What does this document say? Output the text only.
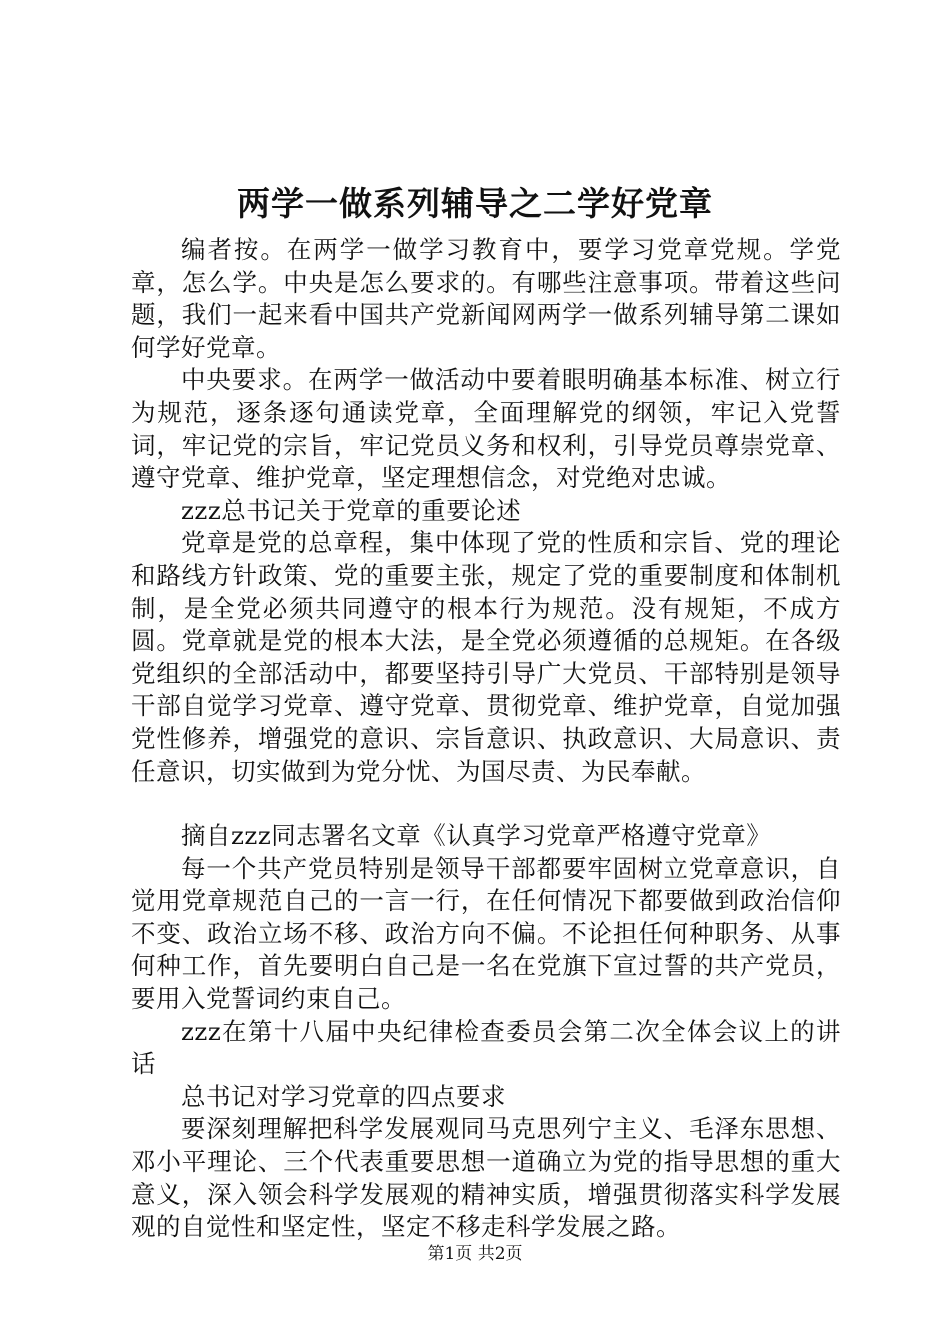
两学一做系列辅导之二学好党章

编者按。在两学一做学习教育中，要学习党章党规。学党章，怎么学。中央是怎么要求的。有哪些注意事项。带着这些问题，我们一起来看中国共产党新闻网两学一做系列辅导第二课如何学好党章。

中央要求。在两学一做活动中要着眼明确基本标准、树立行为规范，逐条逐句通读党章，全面理解党的纲领，牢记入党誓词，牢记党的宗旨，牢记党员义务和权利，引导党员尊崇党章、遵守党章、维护党章，坚定理想信念，对党绝对忠诚。

zzz总书记关于党章的重要论述

党章是党的总章程，集中体现了党的性质和宗旨、党的理论和路线方针政策、党的重要主张，规定了党的重要制度和体制机制，是全党必须共同遵守的根本行为规范。没有规矩，不成方圆。党章就是党的根本大法，是全党必须遵循的总规矩。在各级党组织的全部活动中，都要坚持引导广大党员、干部特别是领导干部自觉学习党章、遵守党章、贯彻党章、维护党章，自觉加强党性修养，增强党的意识、宗旨意识、执政意识、大局意识、责任意识，切实做到为党分忧、为国尽责、为民奉献。

摘自zzz同志署名文章《认真学习党章严格遵守党章》

每一个共产党员特别是领导干部都要牢固树立党章意识，自觉用党章规范自己的一言一行，在任何情况下都要做到政治信仰不变、政治立场不移、政治方向不偏。不论担任何种职务、从事何种工作，首先要明白自己是一名在党旗下宣过誓的共产党员，要用入党誓词约束自己。

zzz在第十八届中央纪律检查委员会第二次全体会议上的讲话

总书记对学习党章的四点要求

要深刻理解把科学发展观同马克思列宁主义、毛泽东思想、邓小平理论、三个代表重要思想一道确立为党的指导思想的重大意义，深入领会科学发展观的精神实质，增强贯彻落实科学发展观的自觉性和坚定性，坚定不移走科学发展之路。

第1页 共2页
